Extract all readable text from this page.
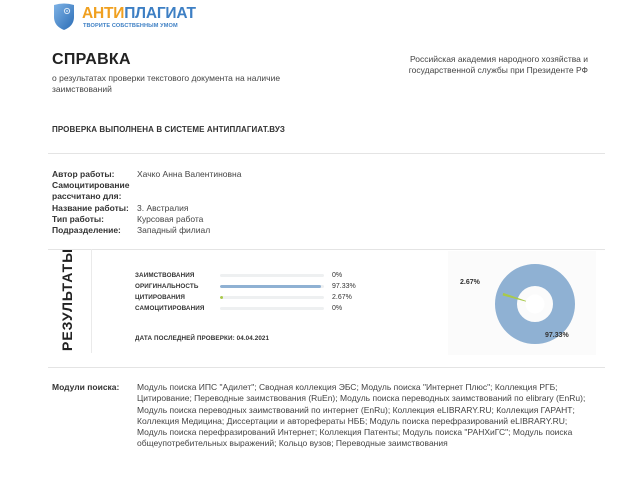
АНТИПЛАГИАТ
ТВОРИТЕ СОБСТВЕННЫМ УМОМ
СПРАВКА
о результатах проверки текстового документа на наличие заимствований
Российская академия народного хозяйства и государственной службы при Президенте РФ
ПРОВЕРКА ВЫПОЛНЕНА В СИСТЕМЕ АНТИПЛАГИАТ.ВУЗ
Автор работы:	Хачко Анна Валентиновна
Самоцитирование рассчитано для:
Название работы: 3. Австралия
Тип работы:	Курсовая работа
Подразделение:	Западный филиал
РЕЗУЛЬТАТЫ	ЗАИМСТВОВАНИЯ	0%
ОРИГИНАЛЬНОСТЬ	97.33%
ЦИТИРОВАНИЯ	2.67%
САМОЦИТИРОВАНИЯ	0%
ДАТА ПОСЛЕДНЕЙ ПРОВЕРКИ: 04.04.2021
2.67%
97.33%
Модули поиска:	Модуль поиска ИПС "Адилет"; Сводная коллекция ЭБС; Модуль поиска "Интернет Плюс"; Коллекция РГБ; Цитирование; Переводные заимствования (RuEn); Модуль поиска переводных заимствований по elibrary (EnRu); Модуль поиска переводных заимствований по интернет (EnRu); Коллекция eLIBRARY.RU; Коллекция ГАРАНТ; Коллекция Медицина; Диссертации и авторефераты НББ; Модуль поиска перефразирований eLIBRARY.RU; Модуль поиска перефразирований Интернет; Коллекция Патенты; Модуль поиска "РАНХиГС"; Модуль поиска общеупотребительных выражений; Кольцо вузов; Переводные заимствования
